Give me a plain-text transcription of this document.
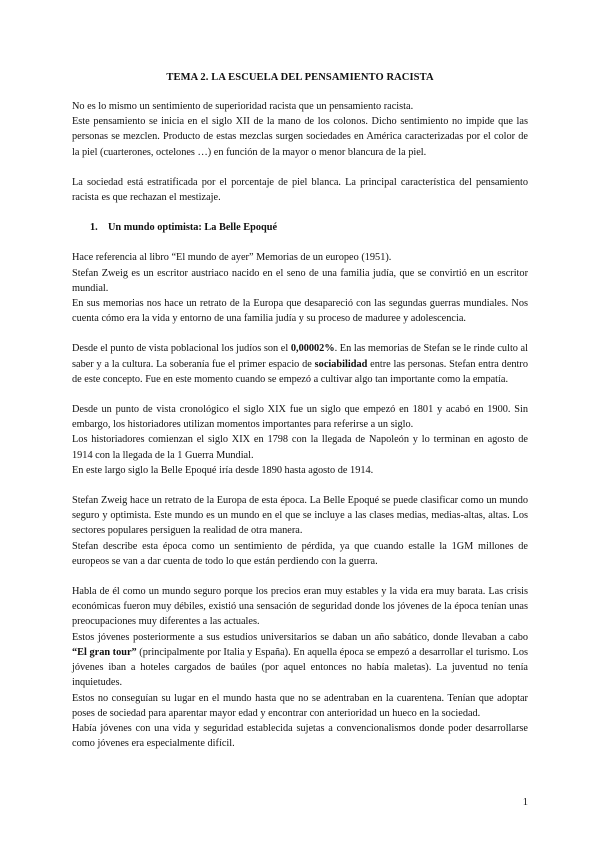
TEMA 2. LA ESCUELA DEL PENSAMIENTO RACISTA

No es lo mismo un sentimiento de superioridad racista que un pensamiento racista.

Este pensamiento se inicia en el siglo XII de la mano de los colonos. Dicho sentimiento no impide que las personas se mezclen. Producto de estas mezclas surgen sociedades en América caracterizadas por el color de la piel (cuarterones, octelones …) en función de la mayor o menor blancura de la piel.

La sociedad está estratificada por el porcentaje de piel blanca. La principal característica del pensamiento racista es que rechazan el mestizaje.

1. Un mundo optimista: La Belle Epoqué

Hace referencia al libro “El mundo de ayer” Memorias de un europeo (1951).

Stefan Zweig es un escritor austriaco nacido en el seno de una familia judía, que se convirtió en un escritor mundial.

En sus memorias nos hace un retrato de la Europa que desapareció con las segundas guerras mundiales. Nos cuenta cómo era la vida y entorno de una familia judía y su proceso de maduree y adolescencia.

Desde el punto de vista poblacional los judíos son el 0,00002%. En las memorias de Stefan se le rinde culto al saber y a la cultura. La soberanía fue el primer espacio de sociabilidad entre las personas. Stefan entra dentro de este concepto. Fue en este momento cuando se empezó a cultivar algo tan importante como la empatía.

Desde un punto de vista cronológico el siglo XIX fue un siglo que empezó en 1801 y acabó en 1900. Sin embargo, los historiadores utilizan momentos importantes para referirse a un siglo.

Los historiadores comienzan el siglo XIX en 1798 con la llegada de Napoleón y lo terminan en agosto de 1914 con la llegada de la 1 Guerra Mundial.

En este largo siglo la Belle Epoqué iría desde 1890 hasta agosto de 1914.

Stefan Zweig hace un retrato de la Europa de esta época. La Belle Epoqué se puede clasificar como un mundo seguro y optimista. Este mundo es un mundo en el que se incluye a las clases medias, medias-altas, altas. Los sectores populares persiguen la realidad de otra manera.

Stefan describe esta época como un sentimiento de pérdida, ya que cuando estalle la 1GM millones de europeos se van a dar cuenta de todo lo que están perdiendo con la guerra.

Habla de él como un mundo seguro porque los precios eran muy estables y la vida era muy barata. Las crisis económicas fueron muy débiles, existió una sensación de seguridad donde los jóvenes de la época tenían unas preocupaciones muy diferentes a las actuales.

Estos jóvenes posteriormente a sus estudios universitarios se daban un año sabático, donde llevaban a cabo “El gran tour” (principalmente por Italia y España). En aquella época se empezó a desarrollar el turismo. Los jóvenes iban a hoteles cargados de baúles (por aquel entonces no había maletas). La juventud no tenía inquietudes.

Estos no conseguían su lugar en el mundo hasta que no se adentraban en la cuarentena. Tenían que adoptar poses de sociedad para aparentar mayor edad y encontrar con anterioridad un hueco en la sociedad.

Había jóvenes con una vida y seguridad establecida sujetas a convencionalismos donde poder desarrollarse como jóvenes era especialmente difícil.

1
